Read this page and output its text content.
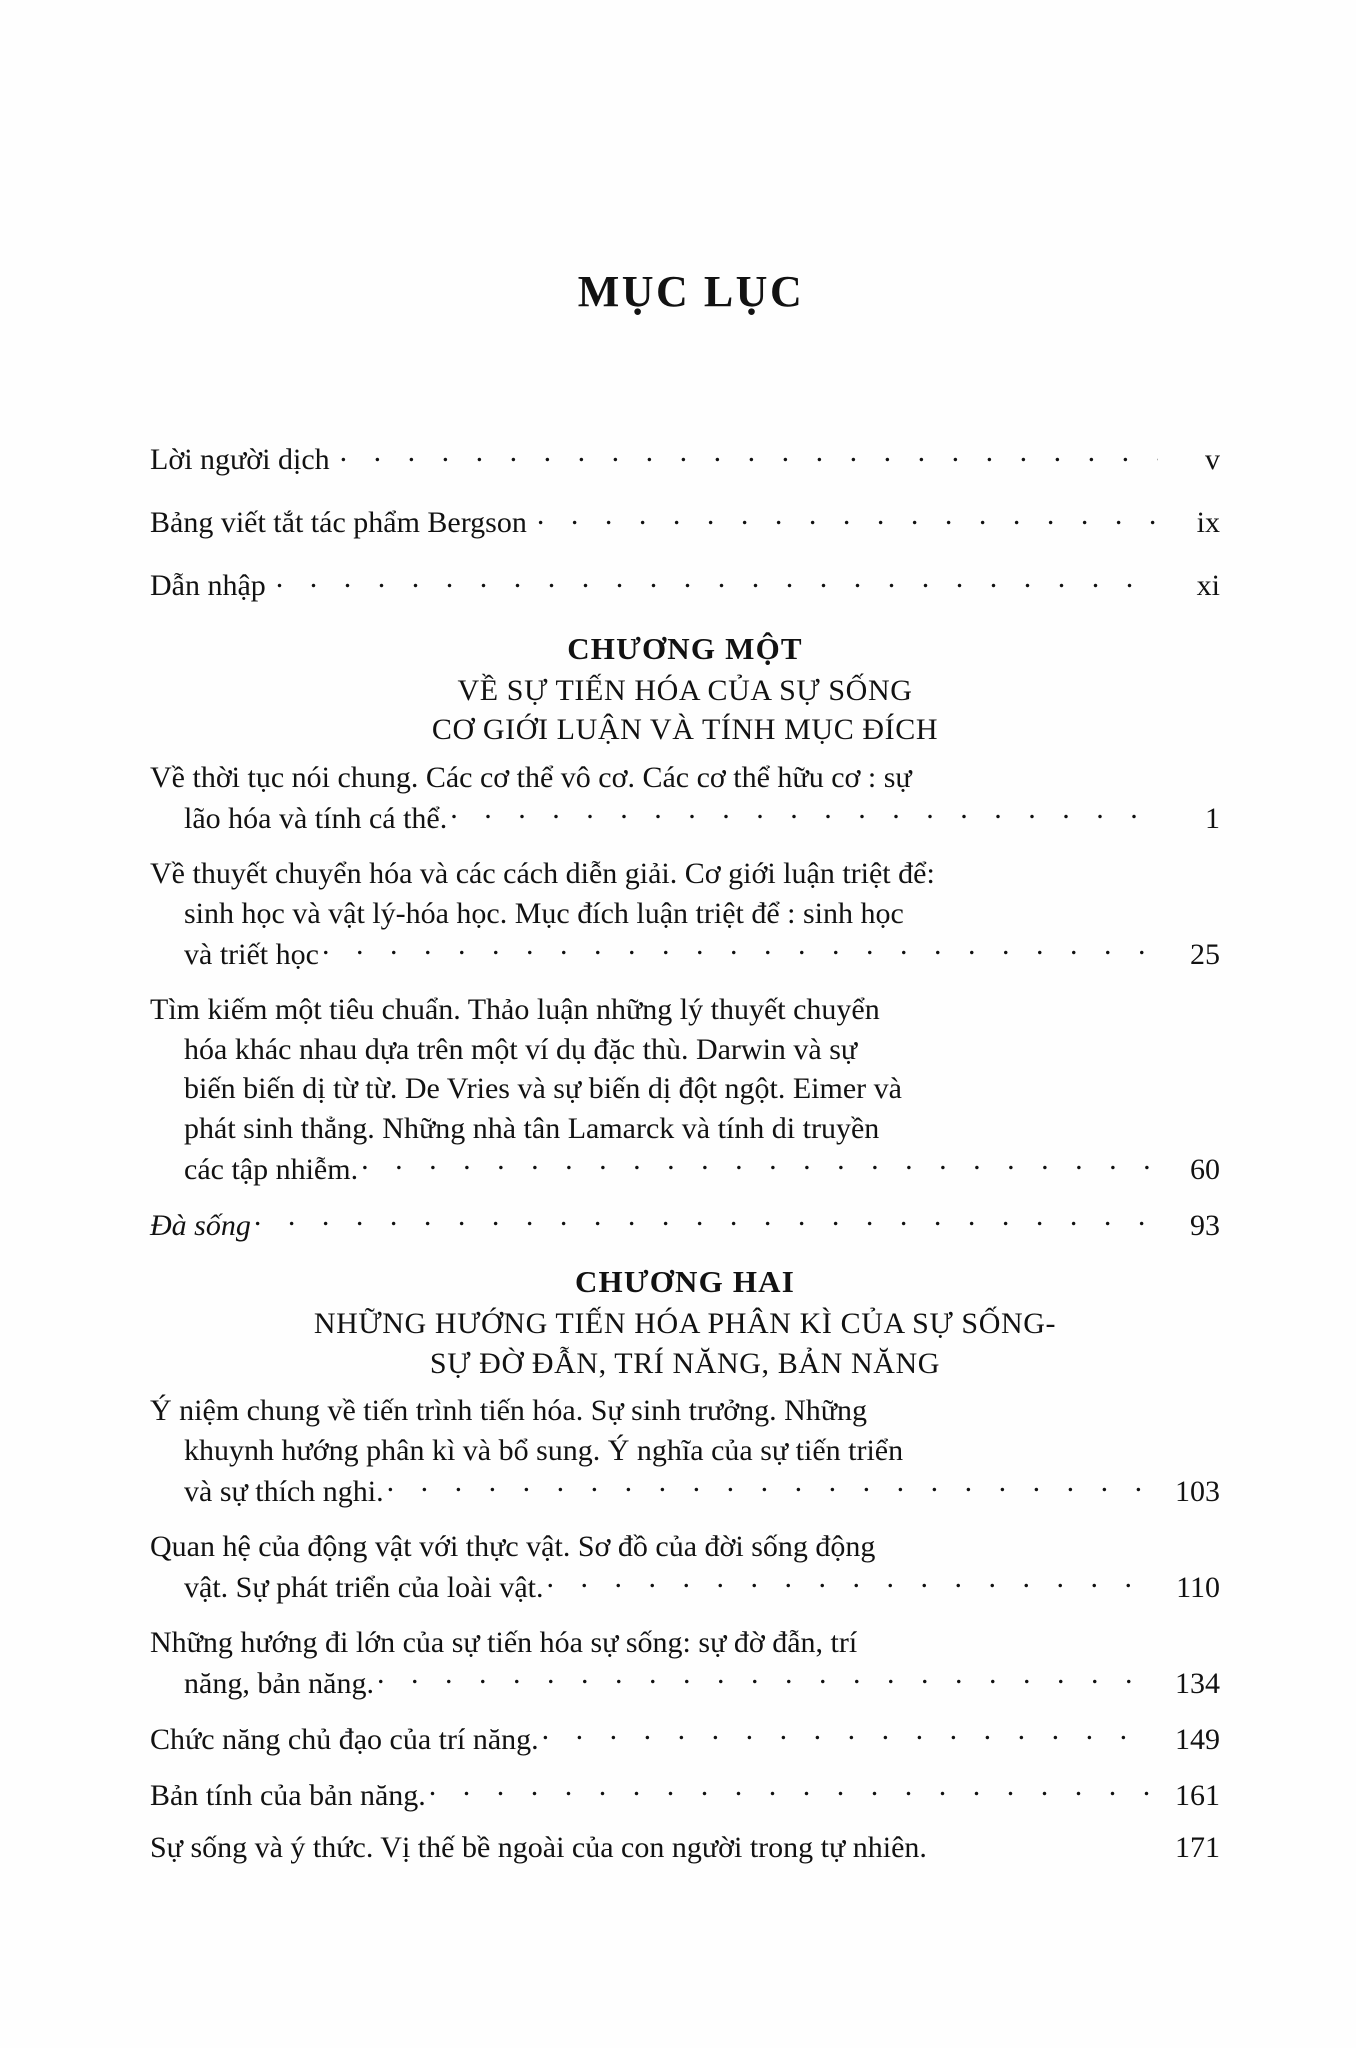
MỤC LỤC
Lời người dịch . . .	v
Bảng viết tắt tác phẩm Bergson . . .	ix
Dẫn nhập . . .	xi
CHƯƠNG MỘT
VỀ SỰ TIẾN HÓA CỦA SỰ SỐNG
CƠ GIỚI LUẬN VÀ TÍNH MỤC ĐÍCH
Về thời tục nói chung. Các cơ thể vô cơ. Các cơ thể hữu cơ : sự
lão hóa và tính cá thể. . . .	1
Về thuyết chuyển hóa và các cách diễn giải. Cơ giới luận triệt để:
sinh học và vật lý-hóa học. Mục đích luận triệt để : sinh học
và triết học . . .	25
Tìm kiếm một tiêu chuẩn. Thảo luận những lý thuyết chuyển
hóa khác nhau dựa trên một ví dụ đặc thù. Darwin và sự
biến biến dị từ từ. De Vries và sự biến dị đột ngột. Eimer và
phát sinh thẳng. Những nhà tân Lamarck và tính di truyền
các tập nhiễm. . . .	60
Đà sống . . .	93
CHƯƠNG HAI
NHỮNG HƯỚNG TIẾN HÓA PHÂN KÌ CỦA SỰ SỐNG-
SỰ ĐỜ ĐẪN, TRÍ NĂNG, BẢN NĂNG
Ý niệm chung về tiến trình tiến hóa. Sự sinh trưởng. Những
khuynh hướng phân kì và bổ sung. Ý nghĩa của sự tiến triển
và sự thích nghi. . . .	103
Quan hệ của động vật với thực vật. Sơ đồ của đời sống động
vật. Sự phát triển của loài vật. . . .	110
Những hướng đi lớn của sự tiến hóa sự sống: sự đờ đẫn, trí
năng, bản năng. . . .	134
Chức năng chủ đạo của trí năng. . . .	149
Bản tính của bản năng. . . .	161
Sự sống và ý thức. Vị thế bề ngoài của con người trong tự nhiên.	171
